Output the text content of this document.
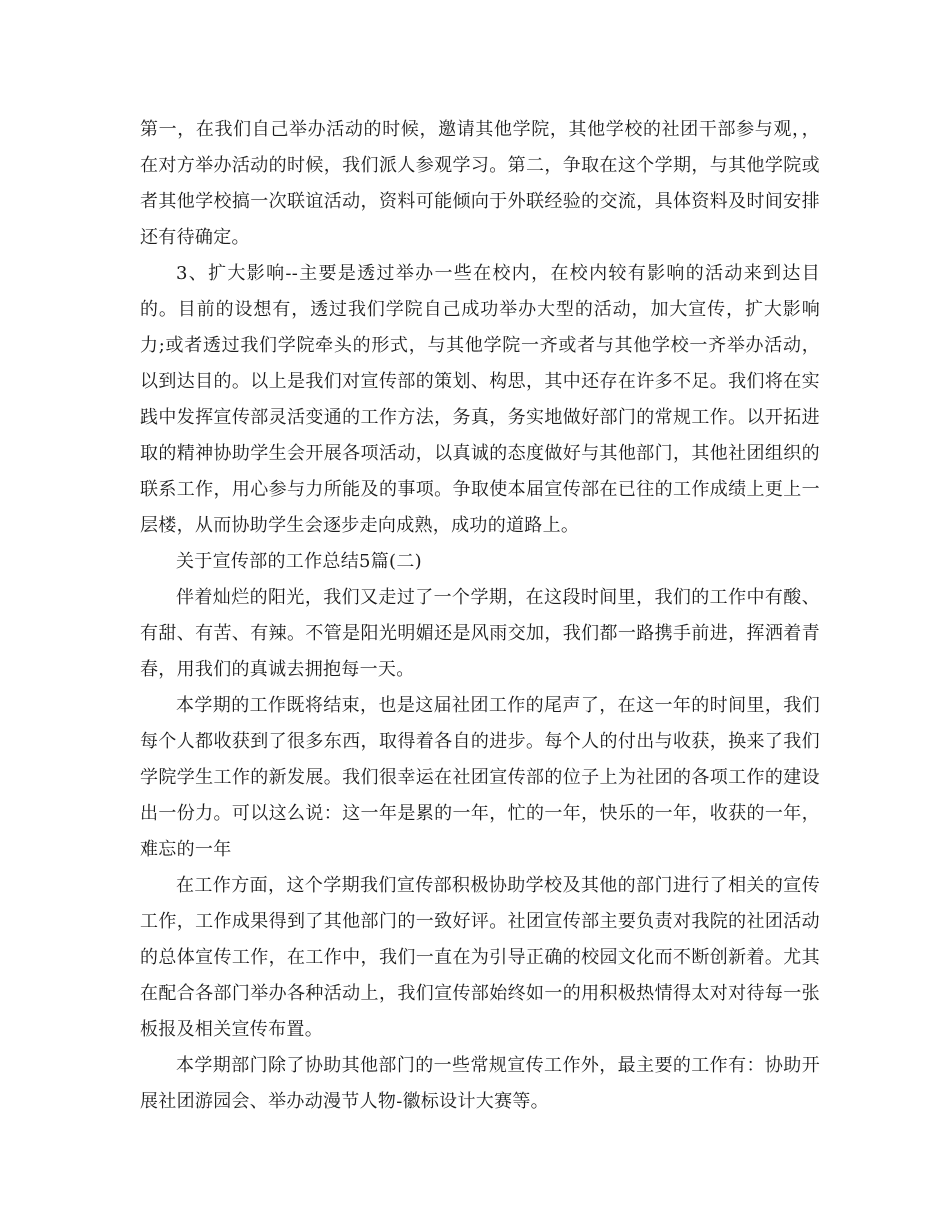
第一，在我们自己举办活动的时候，邀请其他学院，其他学校的社团干部参与观，，在对方举办活动的时候，我们派人参观学习。第二，争取在这个学期，与其他学院或者其他学校搞一次联谊活动，资料可能倾向于外联经验的交流，具体资料及时间安排还有待确定。

3、扩大影响--主要是透过举办一些在校内，在校内较有影响的活动来到达目的。目前的设想有，透过我们学院自己成功举办大型的活动，加大宣传，扩大影响力;或者透过我们学院牵头的形式，与其他学院一齐或者与其他学校一齐举办活动，以到达目的。以上是我们对宣传部的策划、构思，其中还存在许多不足。我们将在实践中发挥宣传部灵活变通的工作方法，务真，务实地做好部门的常规工作。以开拓进取的精神协助学生会开展各项活动，以真诚的态度做好与其他部门，其他社团组织的联系工作，用心参与力所能及的事项。争取使本届宣传部在已往的工作成绩上更上一层楼，从而协助学生会逐步走向成熟，成功的道路上。

关于宣传部的工作总结5篇(二)

伴着灿烂的阳光，我们又走过了一个学期，在这段时间里，我们的工作中有酸、有甜、有苦、有辣。不管是阳光明媚还是风雨交加，我们都一路携手前进，挥洒着青春，用我们的真诚去拥抱每一天。

本学期的工作既将结束，也是这届社团工作的尾声了，在这一年的时间里，我们每个人都收获到了很多东西，取得着各自的进步。每个人的付出与收获，换来了我们学院学生工作的新发展。我们很幸运在社团宣传部的位子上为社团的各项工作的建设出一份力。可以这么说：这一年是累的一年，忙的一年，快乐的一年，收获的一年，难忘的一年

在工作方面，这个学期我们宣传部积极协助学校及其他的部门进行了相关的宣传工作，工作成果得到了其他部门的一致好评。社团宣传部主要负责对我院的社团活动的总体宣传工作，在工作中，我们一直在为引导正确的校园文化而不断创新着。尤其在配合各部门举办各种活动上，我们宣传部始终如一的用积极热情得太对对待每一张板报及相关宣传布置。

本学期部门除了协助其他部门的一些常规宣传工作外，最主要的工作有：协助开展社团游园会、举办动漫节人物-徽标设计大赛等。
